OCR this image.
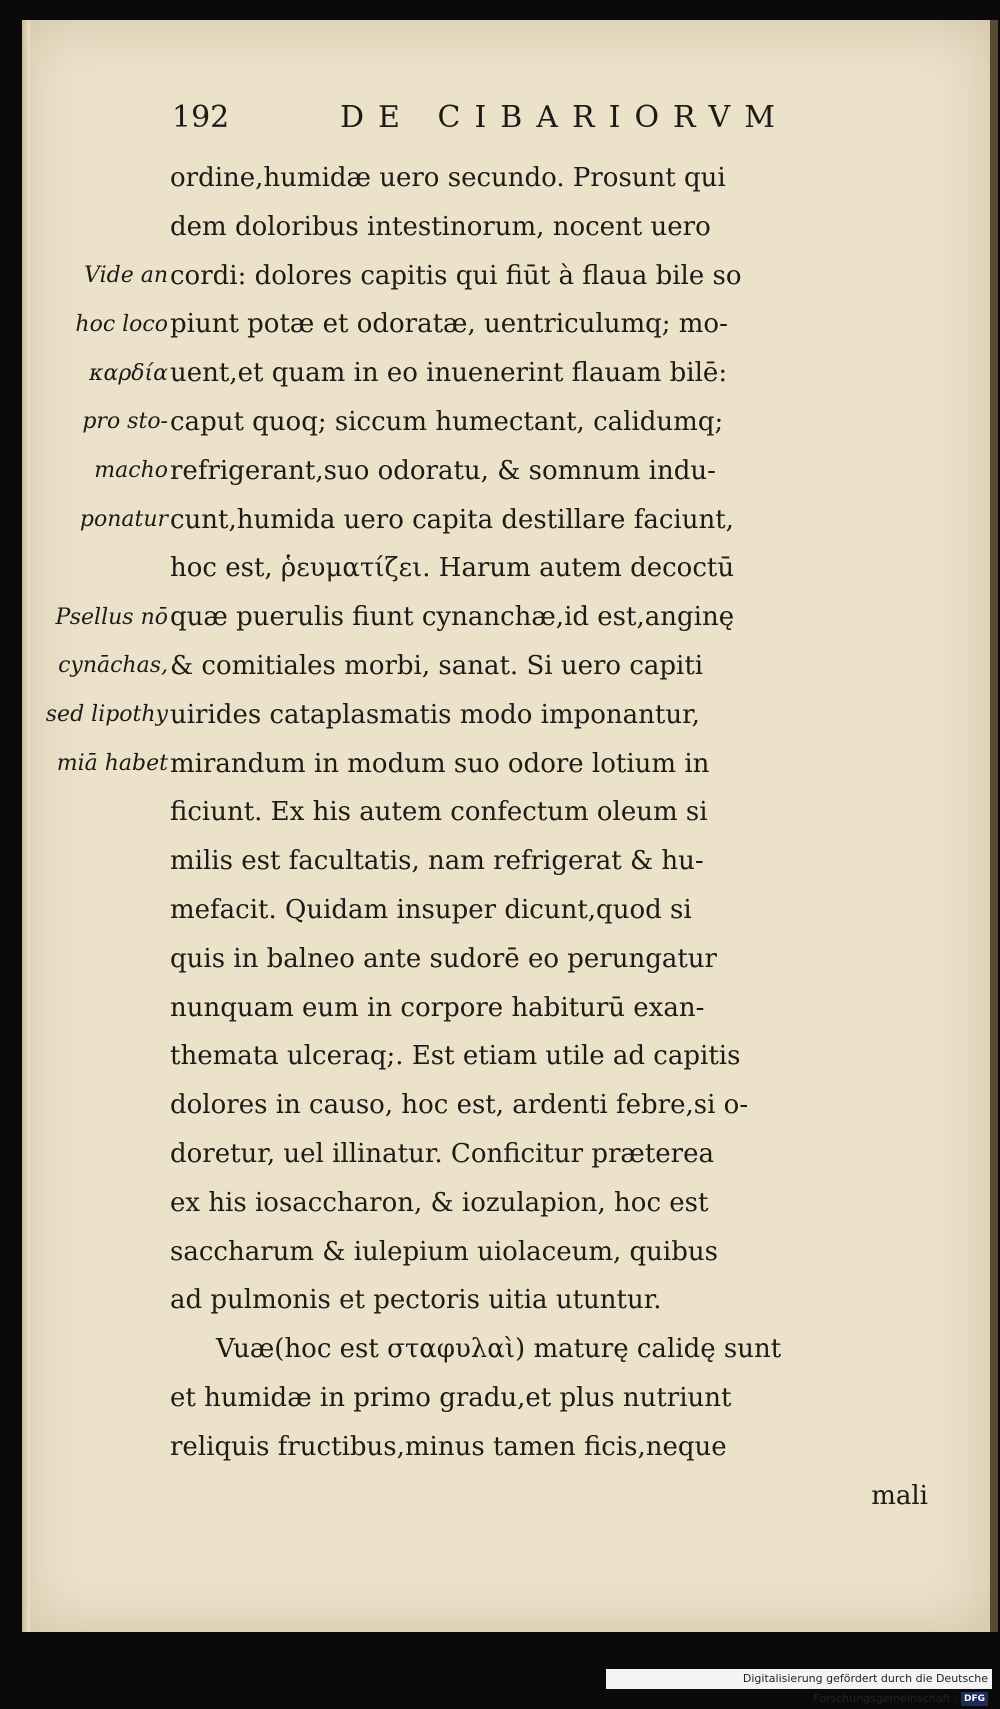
192	DE CIBARIORVM
Vide an
hoc loco
καρδία
pro sto-
macho
ponatur
Psellus nō
cynāchas,
sed lipothy
miā habet
ordine,humidæ uero secundo. Prosunt qui
dem doloribus intestinorum, nocent uero
cordi: dolores capitis qui fiūt à flaua bile so
piunt potæ et odoratæ, uentriculumq; mo-
uent,et quam in eo inuenerint flauam bilē:
caput quoq; siccum humectant, calidumq;
refrigerant,suo odoratu, & somnum indu-
cunt,humida uero capita destillare faciunt,
hoc est, ῥευματίζει. Harum autem decoctū
quæ puerulis fiunt cynanchæ,id est,anginę
& comitiales morbi, sanat. Si uero capiti
uirides cataplasmatis modo imponantur,
mirandum in modum suo odore lotium in
ficiunt. Ex his autem confectum oleum si
milis est facultatis, nam refrigerat & hu-
mefacit. Quidam insuper dicunt,quod si
quis in balneo ante sudorē eo perungatur
nunquam eum in corpore habiturū exan-
themata ulceraq;. Est etiam utile ad capitis
dolores in causo, hoc est, ardenti febre,si o-
doretur, uel illinatur. Conficitur præterea
ex his iosaccharon, & iozulapion, hoc est
saccharum & iulepium uiolaceum, quibus
ad pulmonis et pectoris uitia utuntur.
Vuæ(hoc est σταφυλαὶ) maturę calidę sunt
et humidæ in primo gradu,et plus nutriunt
reliquis fructibus,minus tamen ficis,neque
mali
Digitalisierung gefördert durch die Deutsche Forschungsgemeinschaft - DFG
